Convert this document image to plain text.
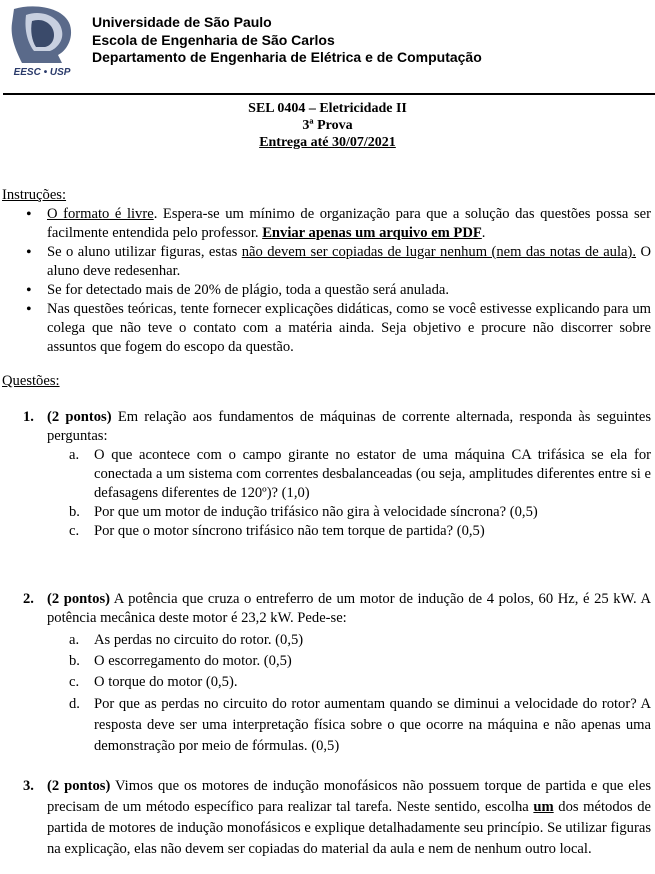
EESC • USP
Universidade de São Paulo
Escola de Engenharia de São Carlos
Departamento de Engenharia de Elétrica e de Computação
SEL 0404 – Eletricidade II
3ª Prova
Entrega até 30/07/2021
Instruções:
• O formato é livre. Espera-se um mínimo de organização para que a solução das questões possa ser facilmente entendida pelo professor. Enviar apenas um arquivo em PDF.
• Se o aluno utilizar figuras, estas não devem ser copiadas de lugar nenhum (nem das notas de aula). O aluno deve redesenhar.
• Se for detectado mais de 20% de plágio, toda a questão será anulada.
• Nas questões teóricas, tente fornecer explicações didáticas, como se você estivesse explicando para um colega que não teve o contato com a matéria ainda. Seja objetivo e procure não discorrer sobre assuntos que fogem do escopo da questão.
Questões:
1. (2 pontos) Em relação aos fundamentos de máquinas de corrente alternada, responda às seguintes perguntas:
a. O que acontece com o campo girante no estator de uma máquina CA trifásica se ela for conectada a um sistema com correntes desbalanceadas (ou seja, amplitudes diferentes entre si e defasagens diferentes de 120º)? (1,0)
b. Por que um motor de indução trifásico não gira à velocidade síncrona? (0,5)
c. Por que o motor síncrono trifásico não tem torque de partida? (0,5)
2. (2 pontos) A potência que cruza o entreferro de um motor de indução de 4 polos, 60 Hz, é 25 kW. A potência mecânica deste motor é 23,2 kW. Pede-se:
a. As perdas no circuito do rotor. (0,5)
b. O escorregamento do motor. (0,5)
c. O torque do motor (0,5).
d. Por que as perdas no circuito do rotor aumentam quando se diminui a velocidade do rotor? A resposta deve ser uma interpretação física sobre o que ocorre na máquina e não apenas uma demonstração por meio de fórmulas. (0,5)
3. (2 pontos) Vimos que os motores de indução monofásicos não possuem torque de partida e que eles precisam de um método específico para realizar tal tarefa. Neste sentido, escolha um dos métodos de partida de motores de indução monofásicos e explique detalhadamente seu princípio. Se utilizar figuras na explicação, elas não devem ser copiadas do material da aula e nem de nenhum outro local.
